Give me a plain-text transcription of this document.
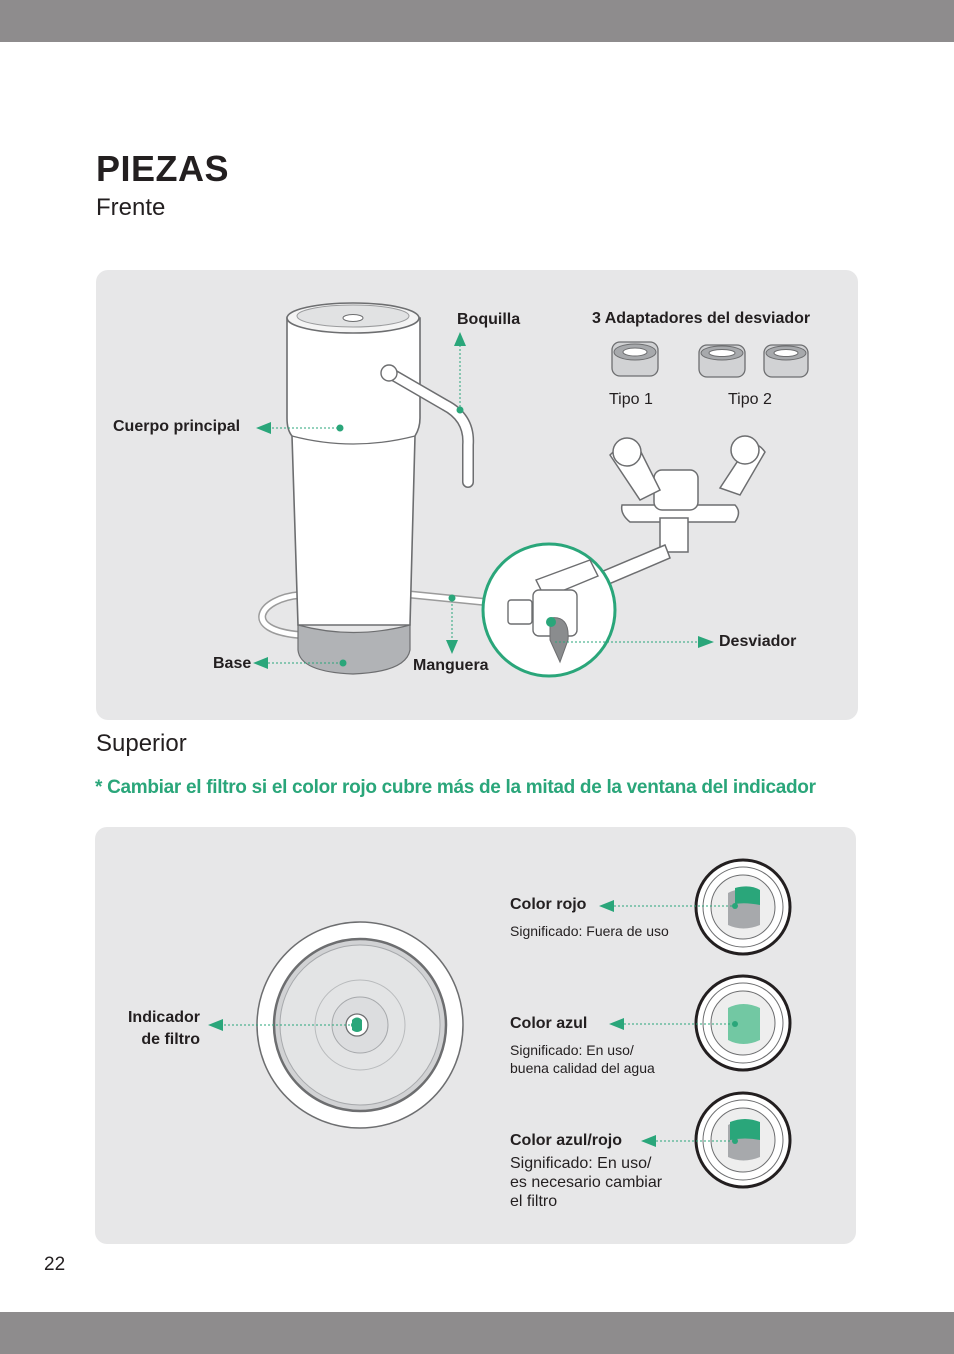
PIEZAS
Frente
Cuerpo principal
Boquilla	3 Adaptadores del desviador
Tipo 1	Tipo 2
Base	Manguera
Desviador
Superior

* Cambiar el filtro si el color rojo cubre más de la mitad de la ventana del indicador

Indicador
de filtro
Color rojo
Significado: Fuera de uso
Color azul
Significado: En uso/
buena calidad del agua
Color azul/rojo
Significado: En uso/
es necesario cambiar
el filtro
22
